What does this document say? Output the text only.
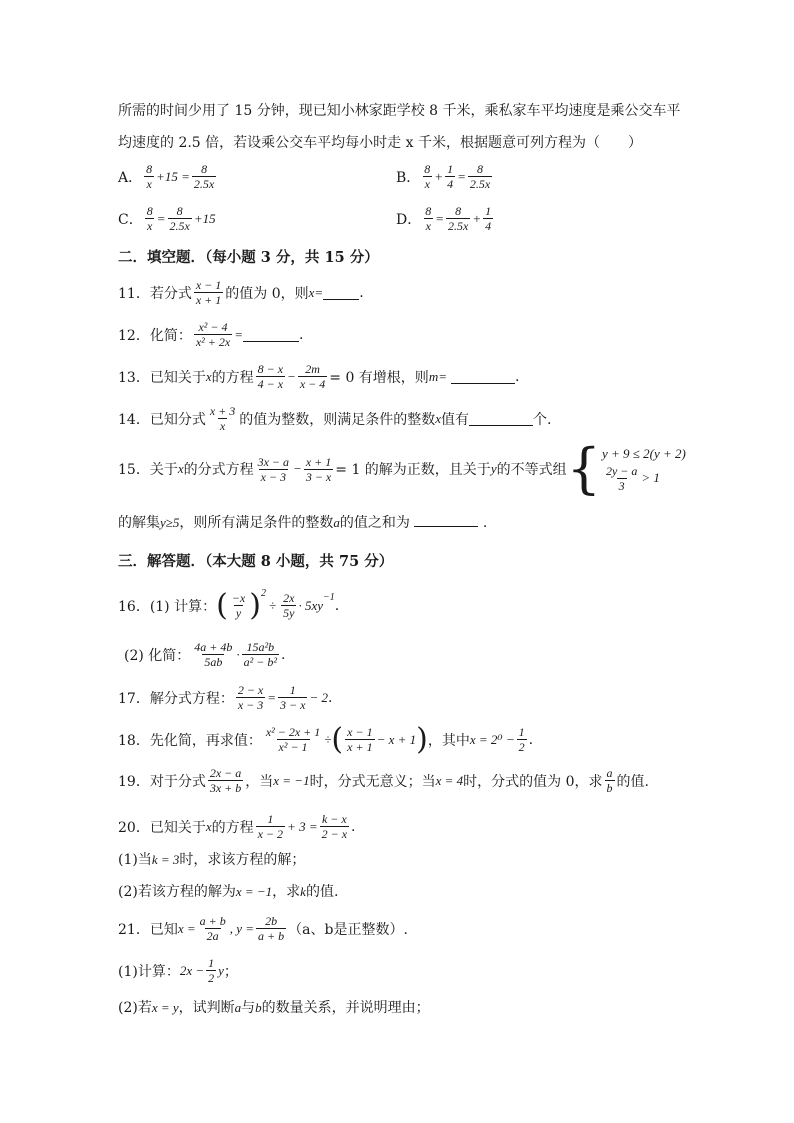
所需的时间少用了 15 分钟，现已知小林家距学校 8 千米，乘私家车平均速度是乘公交车平
均速度的 2.5 倍，若设乘公交车平均每小时走 x 千米，根据题意可列方程为（　　）
A．
8
x
$+15 = \frac{8}{2.5x}$	B．
8
x
+ $\frac{1}{4} = \frac{8}{2.5x}$
C． $\frac{8}{x} = \frac{8}{2.5x} +15$	D． $\frac{8}{x} = \frac{8}{2.5x} + \frac{1}{4}$
二．填空题．（每小题 3 分，共 15 分）
11．若分式
x − 1
x + 1 的值为 0，则 x =	.
12．化简： $\frac{\text{x² − 4}}{\text{x² + 2x}}$ =	.
13．已知关于 x 的方程
8 − x
4 − x
− $\frac{2m}{x - 4} = 0$ 有增根，则 m =	.
14．已知分式
x + 3
x 的值为整数，则满足条件的整数 x 值有	个.
15．关于 x 的分式方程
3x − a
x − 3
− $\frac{x + 1}{3 - x} = 1$ 的解为正数，且关于 y 的不等式组 { y + 9 ≤ 2(y + 2)
2y − a
3
> 1
的解集y≥5，则所有满足条件的整数a的值之和为	.
三．解答题．（本大题 8 小题，共 75 分）
16．(1) 计算： ( −x
y )$^2$
÷ $\frac{2x}{5y} \cdot 5xy^{-1}$ .
(2) 化简：
4a + 4b
5ab
· 15a²b
a² − b² .
17．解分式方程： $\frac{2 - x}{x - 3} = \frac{1}{3 - x} - 2$ .
18．先化简，再求值： $\frac{\text{x² − 2x + 1}}{\text{x² − 1}}$ ÷ ( x − 1
x + 1
− x + 1 ) ，其中 $x = 2^0 - \frac{1}{2}$ .
19．对于分式
2x − a
3x + b ，当 x = −1 时，分式无意义；当 x = 4 时，分式的值为 0，求
a
b 的值.
20．已知关于 x 的方程
1
x − 2
+ $3 = \frac{k - x}{2 - x}$ .
(1)当k = 3时，求该方程的解；
(2)若该方程的解为x = −1，求k的值.
21．已知 $x = \frac{a + b}{2a}$ , $y = \frac{2b}{a + b} (a$、b是正整数）.
(1)计算： $2x - \frac{1}{2}$ y ；
(2)若x = y，试判断a与b的数量关系，并说明理由；
